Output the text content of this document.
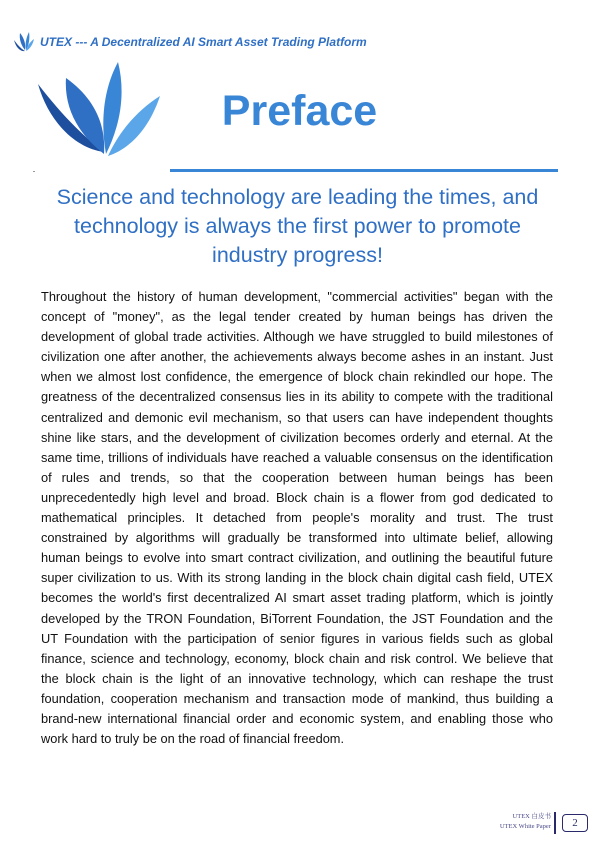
UTEX --- A Decentralized AI Smart Asset Trading Platform
Preface
Science and technology are leading the times, and technology is always the first power to promote industry progress!

Throughout the history of human development, "commercial activities" began with the concept of "money", as the legal tender created by human beings has driven the development of global trade activities. Although we have struggled to build milestones of civilization one after another, the achievements always become ashes in an instant. Just when we almost lost confidence, the emergence of block chain rekindled our hope. The greatness of the decentralized consensus lies in its ability to compete with the traditional centralized and demonic evil mechanism, so that users can have independent thoughts shine like stars, and the development of civilization becomes orderly and eternal. At the same time, trillions of individuals have reached a valuable consensus on the identification of rules and trends, so that the cooperation between human beings has been unprecedentedly high level and broad. Block chain is a flower from god dedicated to mathematical principles. It detached from people's morality and trust. The trust constrained by algorithms will gradually be transformed into ultimate belief, allowing human beings to evolve into smart contract civilization, and outlining the beautiful future super civilization to us. With its strong landing in the block chain digital cash field, UTEX becomes the world's first decentralized AI smart asset trading platform, which is jointly developed by the TRON Foundation, BiTorrent Foundation, the JST Foundation and the UT Foundation with the participation of senior figures in various fields such as global finance, science and technology, economy, block chain and risk control. We believe that the block chain is the light of an innovative technology, which can reshape the trust foundation, cooperation mechanism and transaction mode of mankind, thus building a brand-new international financial order and economic system, and enabling those who work hard to truly be on the road of financial freedom.

UTEX 白皮书
UTEX White Paper	2
